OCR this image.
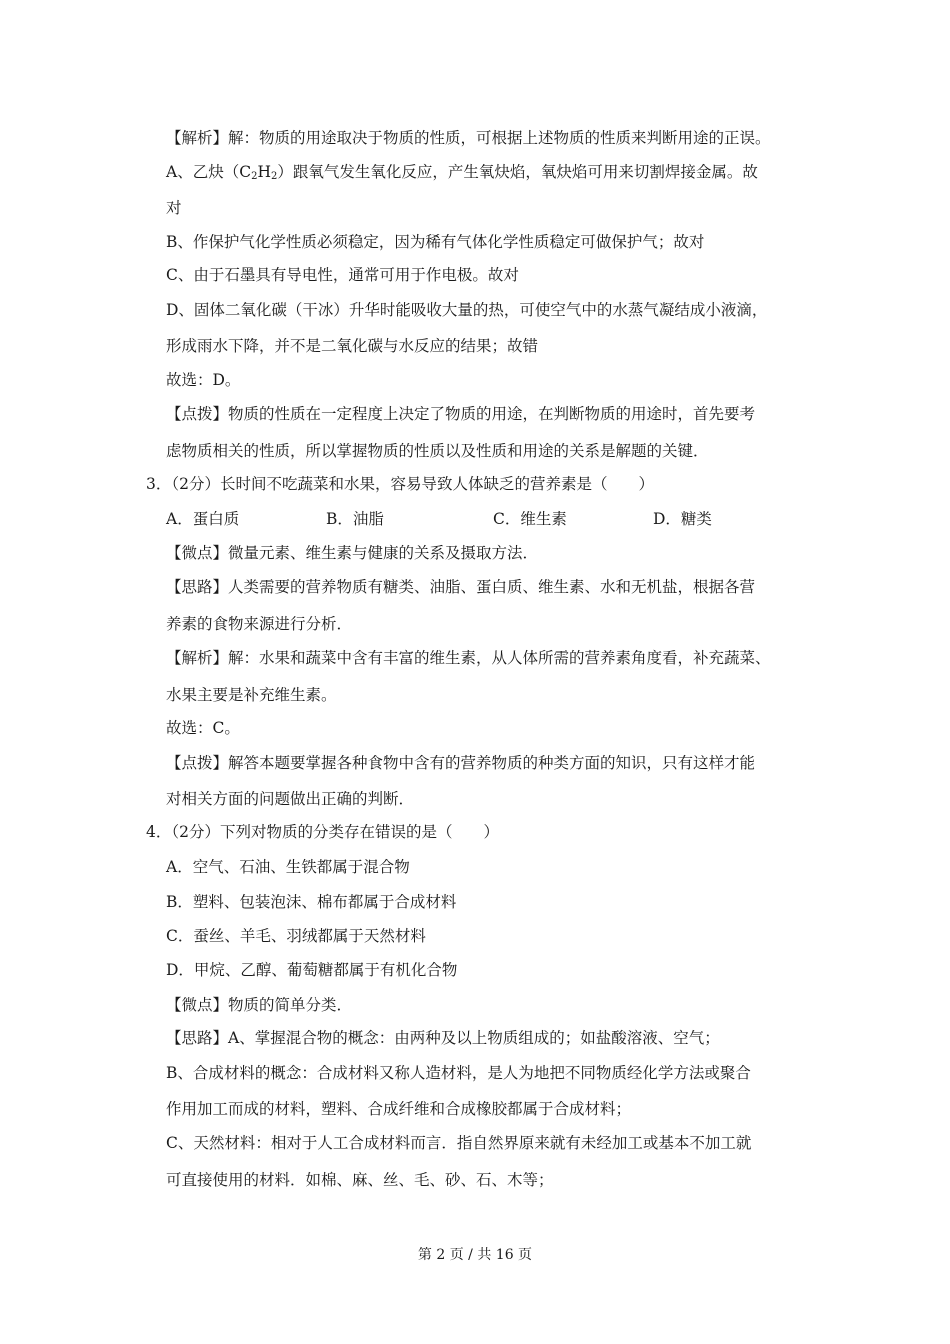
【解析】解：物质的用途取决于物质的性质，可根据上述物质的性质来判断用途的正误。
A、乙炔$(C_2H_2)$跟氧气发生氧化反应，产生氧炔焰，氧炔焰可用来切割焊接金属。故
对
B、作保护气化学性质必须稳定，因为稀有气体化学性质稳定可做保护气；故对
C、由于石墨具有导电性，通常可用于作电极。故对
D、固体二氧化碳（干冰）升华时能吸收大量的热，可使空气中的水蒸气凝结成小液滴，
形成雨水下降，并不是二氧化碳与水反应的结果；故错
故选：D。
【点拨】物质的性质在一定程度上决定了物质的用途，在判断物质的用途时，首先要考
虑物质相关的性质，所以掌握物质的性质以及性质和用途的关系是解题的关键．
3．（2分）长时间不吃蔬菜和水果，容易导致人体缺乏的营养素是（　　）
A．蛋白质	B．油脂	C．维生素	D．糖类
【微点】微量元素、维生素与健康的关系及摄取方法．
【思路】人类需要的营养物质有糖类、油脂、蛋白质、维生素、水和无机盐，根据各营
养素的食物来源进行分析．
【解析】解：水果和蔬菜中含有丰富的维生素，从人体所需的营养素角度看，补充蔬菜、
水果主要是补充维生素。
故选：C。
【点拨】解答本题要掌握各种食物中含有的营养物质的种类方面的知识，只有这样才能
对相关方面的问题做出正确的判断．
4．（2分）下列对物质的分类存在错误的是（　　）
A．空气、石油、生铁都属于混合物
B．塑料、包装泡沫、棉布都属于合成材料
C．蚕丝、羊毛、羽绒都属于天然材料
D．甲烷、乙醇、葡萄糖都属于有机化合物
【微点】物质的简单分类．
【思路】A、掌握混合物的概念：由两种及以上物质组成的；如盐酸溶液、空气；
B、合成材料的概念：合成材料又称人造材料，是人为地把不同物质经化学方法或聚合
作用加工而成的材料，塑料、合成纤维和合成橡胶都属于合成材料；
C、天然材料：相对于人工合成材料而言．指自然界原来就有未经加工或基本不加工就
可直接使用的材料．如棉、麻、丝、毛、砂、石、木等；
第 2 页 / 共 16 页
